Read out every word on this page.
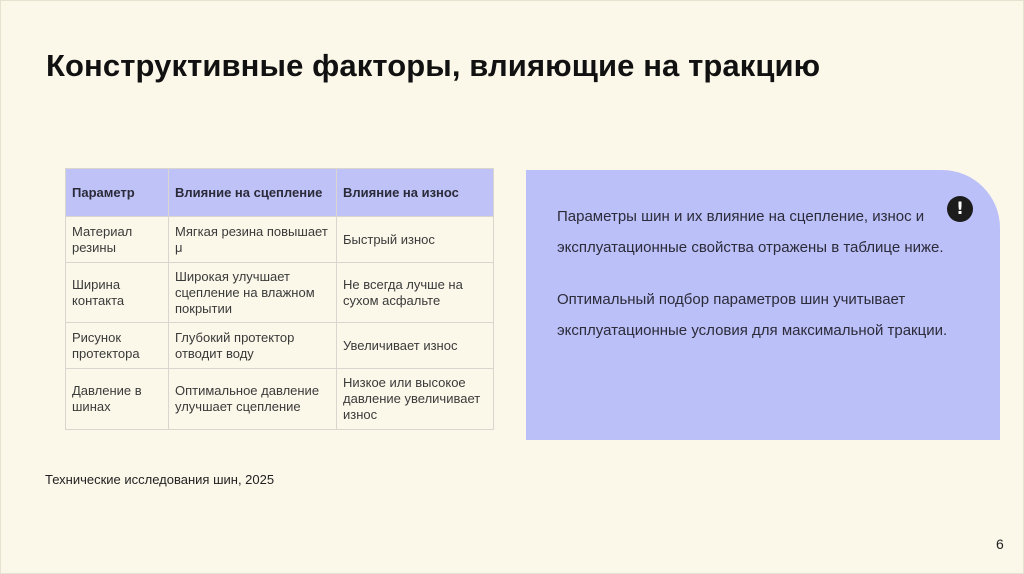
Конструктивные факторы, влияющие на тракцию
Параметр	Влияние на сцепление	Влияние на износ
Материал резины	Мягкая резина повышает μ	Быстрый износ
Ширина контакта	Широкая улучшает сцепление на влажном покрытии	Не всегда лучше на сухом асфальте
Рисунок протектора	Глубокий протектор отводит воду	Увеличивает износ
Давление в шинах	Оптимальное давление улучшает сцепление	Низкое или высокое давление увеличивает износ

Параметры шин и их влияние на сцепление, износ и эксплуатационные свойства отражены в таблице ниже.

Оптимальный подбор параметров шин учитывает эксплуатационные условия для максимальной тракции.

!
Технические исследования шин, 2025
6
